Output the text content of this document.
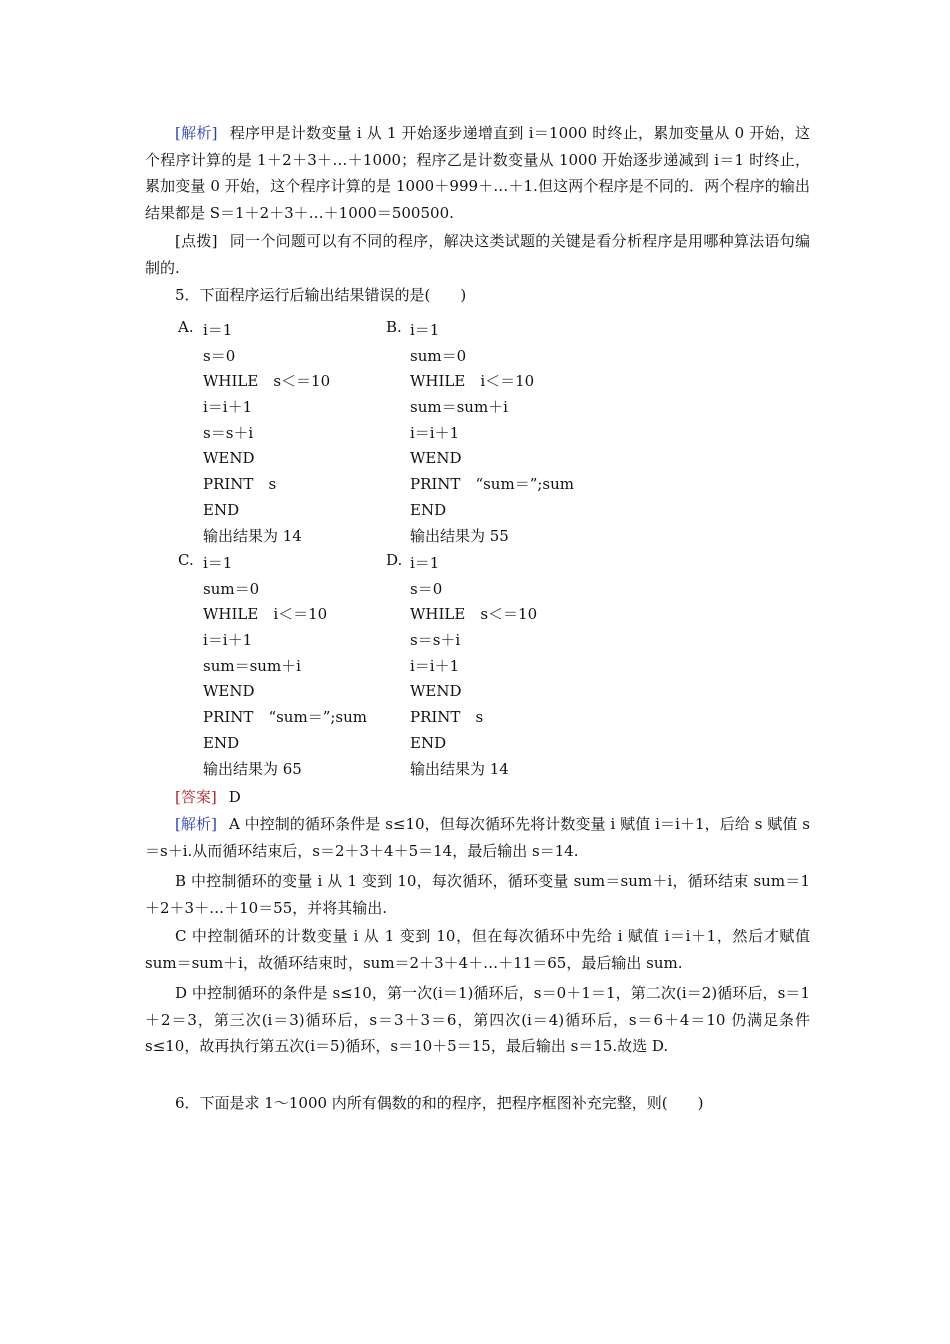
[解析] 程序甲是计数变量 i 从 1 开始逐步递增直到 i＝1000 时终止，累加变量从 0 开始，这个程序计算的是 1＋2＋3＋…＋1000；程序乙是计数变量从 1000 开始逐步递减到 i＝1 时终止，累加变量 0 开始，这个程序计算的是 1000＋999＋…＋1.但这两个程序是不同的．两个程序的输出结果都是 S＝1＋2＋3＋…＋1000＝500500.
[点拨] 同一个问题可以有不同的程序，解决这类试题的关键是看分析程序是用哪种算法语句编制的.
5．下面程序运行后输出结果错误的是(　　)
A. i＝1
s＝0
WHILE　s＜＝10
i＝i＋1
s＝s＋i
WEND
PRINT　s
END
输出结果为 14
B. i＝1
sum＝0
WHILE　i＜＝10
sum＝sum＋i
i＝i＋1
WEND
PRINT　“sum＝”;sum
END
输出结果为 55
C. i＝1
sum＝0
WHILE　i＜＝10
i＝i＋1
sum＝sum＋i
WEND
PRINT　“sum＝”;sum
END
输出结果为 65
D. i＝1
s＝0
WHILE　s＜＝10
s＝s＋i
i＝i＋1
WEND
PRINT　s
END
输出结果为 14
[答案] D
[解析] A 中控制的循环条件是 s≤10，但每次循环先将计数变量 i 赋值 i＝i＋1，后给 s 赋值 s＝s＋i.从而循环结束后，s＝2＋3＋4＋5＝14，最后输出 s＝14.
B 中控制循环的变量 i 从 1 变到 10，每次循环，循环变量 sum＝sum＋i，循环结束 sum＝1＋2＋3＋…＋10＝55，并将其输出.
C 中控制循环的计数变量 i 从 1 变到 10，但在每次循环中先给 i 赋值 i＝i＋1，然后才赋值 sum＝sum＋i，故循环结束时，sum＝2＋3＋4＋…＋11＝65，最后输出 sum.
D 中控制循环的条件是 s≤10，第一次(i＝1)循环后，s＝0＋1＝1，第二次(i＝2)循环后，s＝1＋2＝3，第三次(i＝3)循环后，s＝3＋3＝6，第四次(i＝4)循环后，s＝6＋4＝10 仍满足条件 s≤10，故再执行第五次(i＝5)循环，s＝10＋5＝15，最后输出 s＝15.故选 D.
6．下面是求 1～1000 内所有偶数的和的程序，把程序框图补充完整，则(　　)
